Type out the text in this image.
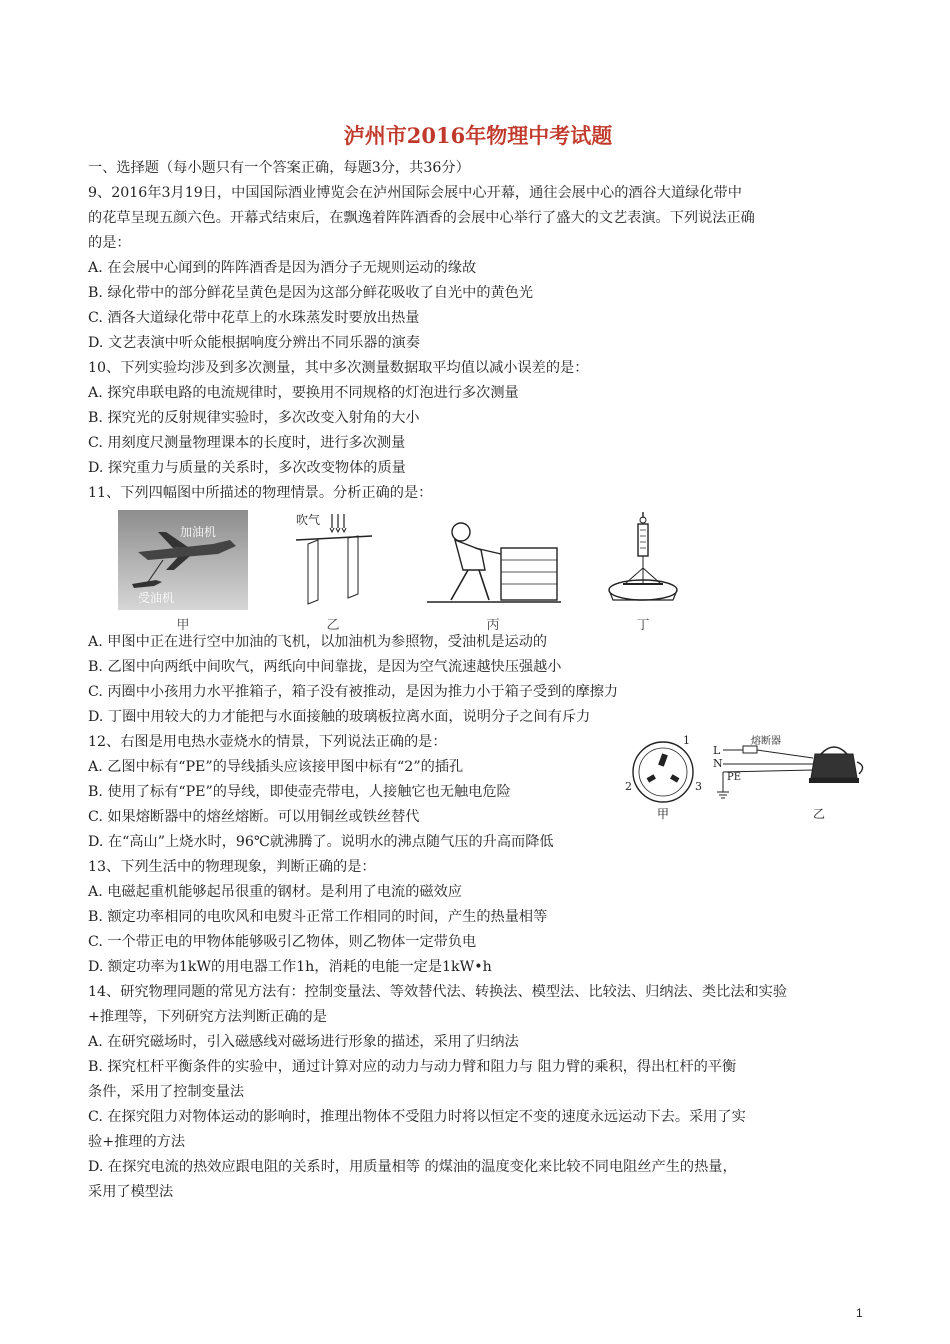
泸州市2016年物理中考试题
一、选择题（每小题只有一个答案正确，每题3分，共36分）
9、2016年3月19日，中国国际酒业博览会在泸州国际会展中心开幕，通往会展中心的酒谷大道绿化带中
的花草呈现五颜六色。开幕式结束后，在飘逸着阵阵酒香的会展中心举行了盛大的文艺表演。下列说法正确
的是：
A. 在会展中心闻到的阵阵酒香是因为酒分子无规则运动的缘故
B. 绿化带中的部分鲜花呈黄色是因为这部分鲜花吸收了自光中的黄色光
C. 酒各大道绿化带中花草上的水珠蒸发时要放出热量
D. 文艺表演中听众能根据响度分辨出不同乐器的演奏
10、下列实验均涉及到多次测量，其中多次测量数据取平均值以减小误差的是：
A. 探究串联电路的电流规律时，要换用不同规格的灯泡进行多次测量
B. 探究光的反射规律实验时，多次改变入射角的大小
C. 用刻度尺测量物理课本的长度时，进行多次测量
D. 探究重力与质量的关系时，多次改变物体的质量
11、下列四幅图中所描述的物理情景。分析正确的是：
加油机
受油机
甲
吹气
乙	丙	丁
A. 甲图中正在进行空中加油的飞机，以加油机为参照物，受油机是运动的
B. 乙图中向两纸中间吹气，两纸向中间靠拢，是因为空气流速越快压强越小
C. 丙圈中小孩用力水平推箱子，箱子没有被推动，是因为推力小于箱子受到的摩擦力
D. 丁圈中用较大的力才能把与水面接触的玻璃板拉离水面，说明分子之间有斥力
12、右图是用电热水壶烧水的情景，下列说法正确的是：
A. 乙图中标有“PE”的导线插头应该接甲图中标有“2”的插孔
B. 使用了标有“PE”的导线，即使壶壳带电，人接触它也无触电危险
C. 如果熔断器中的熔丝熔断。可以用铜丝或铁丝替代
D. 在“高山”上烧水时，96℃就沸腾了。说明水的沸点随气压的升高而降低
1
2	3
甲
L
N
PE
熔断器
乙
13、下列生活中的物理现象，判断正确的是：
A. 电磁起重机能够起吊很重的钢材。是利用了电流的磁效应
B. 额定功率相同的电吹风和电熨斗正常工作相同的时间，产生的热量相等
C. 一个带正电的甲物体能够吸引乙物体，则乙物体一定带负电
D. 额定功率为1kW的用电器工作1h，消耗的电能一定是1kW•h
14、研究物理同题的常见方法有：控制变量法、等效替代法、转换法、模型法、比较法、归纳法、类比法和实验
+推理等，下列研究方法判断正确的是
A. 在研究磁场时，引入磁感线对磁场进行形象的描述，采用了归纳法
B. 探究杠杆平衡条件的实验中，通过计算对应的动力与动力臂和阻力与 阻力臂的乘积，得出杠杆的平衡
条件，采用了控制变量法
C. 在探究阻力对物体运动的影响时，推理出物体不受阻力时将以恒定不变的速度永远运动下去。采用了实
验+推理的方法
D. 在探究电流的热效应跟电阻的关系时，用质量相等 的煤油的温度变化来比较不同电阻丝产生的热量，
采用了模型法
1
